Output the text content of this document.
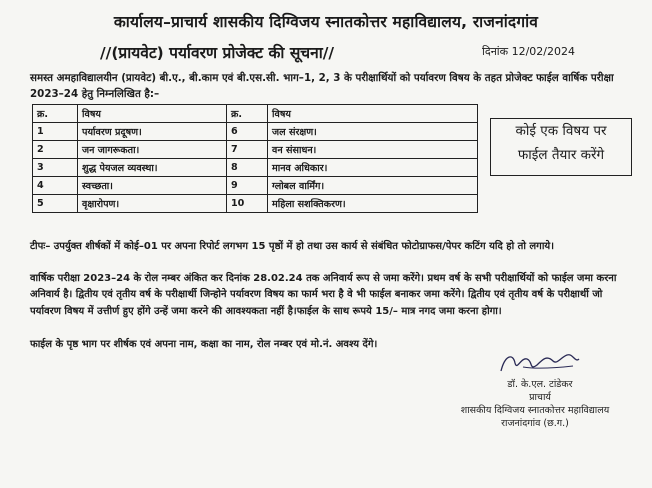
कार्यालय–प्राचार्य शासकीय दिग्विजय स्नातकोत्तर महाविद्यालय, राजनांदगांव
//(प्रायवेट) पर्यावरण प्रोजेक्ट की सूचना//	दिनांक 12/02/2024
समस्त अमहाविद्यालयीन (प्रायवेट) बी.ए., बी.काम एवं बी.एस.सी. भाग–1, 2, 3 के परीक्षार्थियों को पर्यावरण विषय के तहत प्रोजेक्ट फाईल वार्षिक परीक्षा 2023–24 हेतु निम्नलिखित है:–
क्र.	विषय	क्र.	विषय
1	पर्यावरण प्रदूषण।	6	जल संरक्षण।
2	जन जागरूकता।	7	वन संसाधन।
3	शुद्ध पेयजल व्यवस्था।	8	मानव अधिकार।
4	स्वच्छता।	9	ग्लोबल वार्मिंग।
5	वृक्षारोपण।	10	महिला सशक्तिकरण।
कोई एक विषय पर
फाईल तैयार करेंगे
टीपः– उपर्युक्त शीर्षकों में कोई–01 पर अपना रिपोर्ट लगभग 15 पृष्ठों में हो तथा उस कार्य से संबंधित फोटोग्राफस/पेपर कटिंग यदि हो तो लगाये।
वार्षिक परीक्षा 2023–24 के रोल नम्बर अंकित कर दिनांक 28.02.24 तक अनिवार्य रूप से जमा करेंगे। प्रथम वर्ष के सभी परीक्षार्थियों को फाईल जमा करना अनिवार्य है। द्वितीय एवं तृतीय वर्ष के परीक्षार्थी जिन्होने पर्यावरण विषय का फार्म भरा है वे भी फाईल बनाकर जमा करेंगे। द्वितीय एवं तृतीय वर्ष के परीक्षार्थी जो पर्यावरण विषय में उत्तीर्ण हुए होंगे उन्हें जमा करने की आवश्यकता नहीं है।फाईल के साथ रूपये 15/– मात्र नगद जमा करना होगा।
फाईल के पृष्ठ भाग पर शीर्षक एवं अपना नाम, कक्षा का नाम, रोल नम्बर एवं मो.नं. अवश्य देंगे।
डॉ. के.एल. टांडेकर
प्राचार्य
शासकीय दिग्विजय स्नातकोत्तर महाविद्यालय
राजनांदगांव (छ.ग.)
